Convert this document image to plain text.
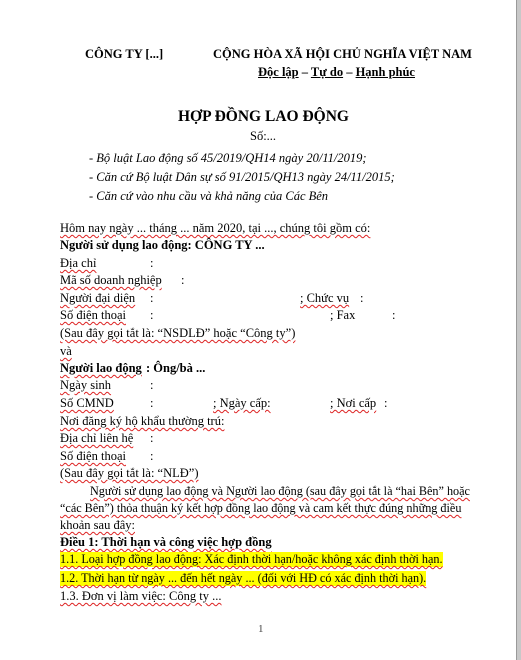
CÔNG TY [...]	CỘNG HÒA XÃ HỘI CHỦ NGHĨA VIỆT NAM
Độc lập – Tự do – Hạnh phúc
HỢP ĐỒNG LAO ĐỘNG
Số:...
- Bộ luật Lao động số 45/2019/QH14 ngày 20/11/2019;
- Căn cứ Bộ luật Dân sự số 91/2015/QH13 ngày 24/11/2015;
- Căn cứ vào nhu cầu và khả năng của Các Bên
Hôm nay ngày ... tháng ... năm 2020, tại ..., chúng tôi gồm có:
Người sử dụng lao động: CÔNG TY ...
Địa chỉ	:
Mã số doanh nghiệp :
Người đại diện :	; Chức vụ :
Số điện thoại :	; Fax	:
(Sau đây gọi tắt là: “NSDLĐ” hoặc “Công ty”)
và
Người lao động : Ông/bà ...
Ngày sinh	:
Số CMND	:	; Ngày cấp:	; Nơi cấp :
Nơi đăng ký hộ khẩu thường trú:
Địa chỉ liên hệ :
Số điện thoại :
(Sau đây gọi tắt là: “NLĐ”)
Người sử dụng lao động và Người lao động (sau đây gọi tắt là “hai Bên” hoặc
“các Bên”) thỏa thuận ký kết hợp đồng lao động và cam kết thực đúng những điều
khoản sau đây:
Điều 1: Thời hạn và công việc hợp đồng
1.1. Loại hợp đồng lao động: Xác định thời hạn/hoặc không xác định thời hạn.
1.2. Thời hạn từ ngày ... đến hết ngày ... (đối với HĐ có xác định thời hạn).
1.3. Đơn vị làm việc: Công ty ...
1
